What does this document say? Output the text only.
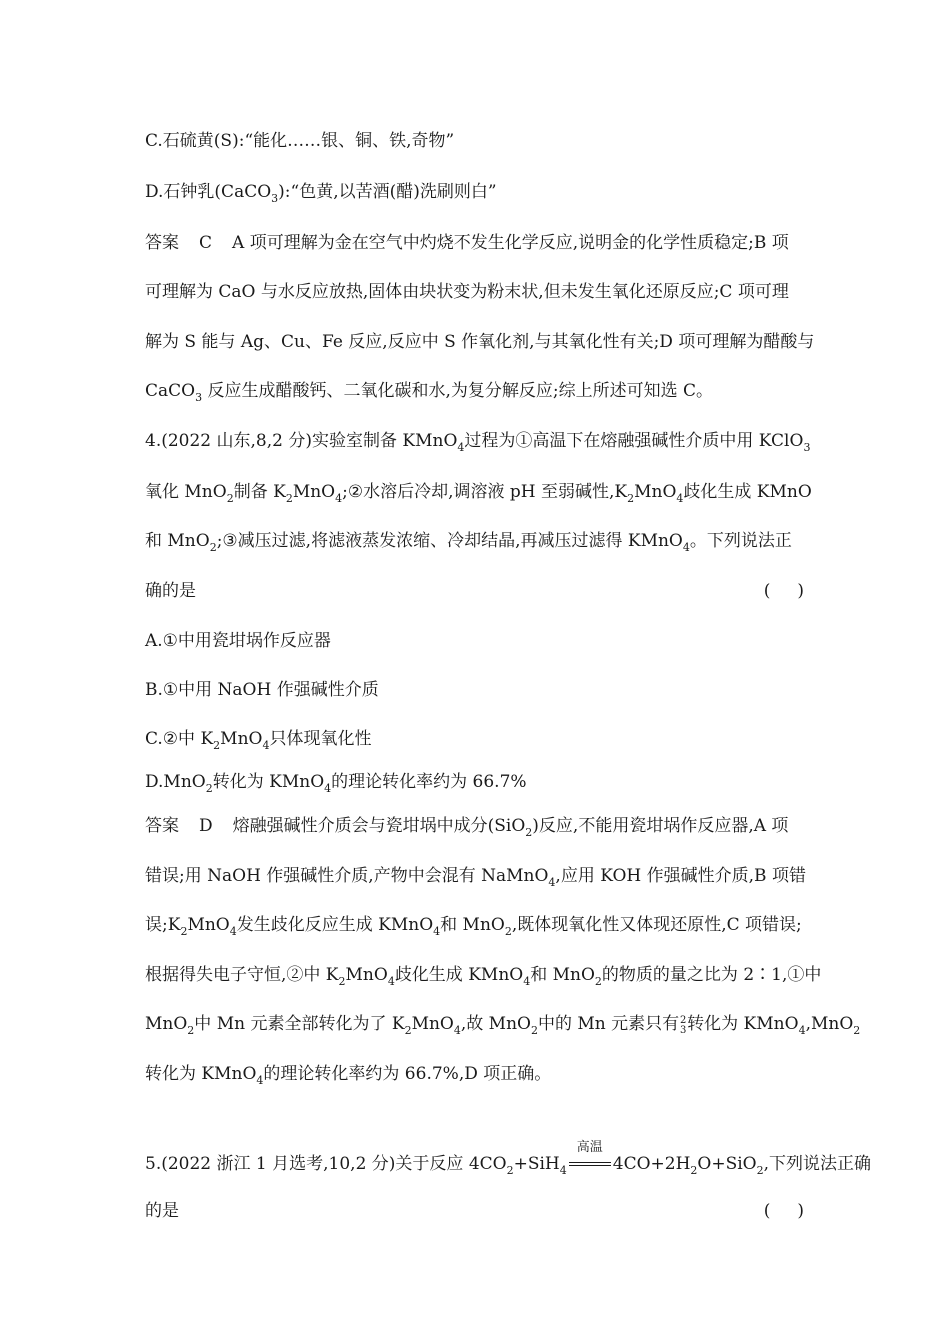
C.石硫黄(S):“能化……银、铜、铁,奇物”
D.石钟乳(CaCO$_3$):“色黄,以苦酒(醋)洗刷则白”
答案 C A 项可理解为金在空气中灼烧不发生化学反应,说明金的化学性质稳定;B 项
可理解为 CaO 与水反应放热,固体由块状变为粉末状,但未发生氧化还原反应;C 项可理
解为 S 能与 Ag、Cu、Fe 反应,反应中 S 作氧化剂,与其氧化性有关;D 项可理解为醋酸与
CaCO$_3$ 反应生成醋酸钙、二氧化碳和水,为复分解反应;综上所述可知选 C。
4.(2022 山东,8,2 分)实验室制备 KMnO$_4$过程为①高温下在熔融强碱性介质中用 KClO$_3$
氧化 MnO$_2$制备 $K_2MnO_4;②$水溶后冷却,调溶液 pH 至弱碱性$,K_2MnO_4$歧化生成 KMnO
和 MnO$_2$;③减压过滤,将滤液蒸发浓缩、冷却结晶,再减压过滤得 KMnO$_4$。下列说法正
确的是	(     )
A.①中用瓷坩埚作反应器
B.①中用 NaOH 作强碱性介质
C.②中 $K_2MnO_4$只体现氧化性
D.MnO$_2$转化为 KMnO$_4$的理论转化率约为 66.7%
答案 D 熔融强碱性介质会与瓷坩埚中成分(SiO$_2$)反应,不能用瓷坩埚作反应器,A 项
错误;用 NaOH 作强碱性介质,产物中会混有 NaMnO$_4$,应用 KOH 作强碱性介质,B 项错
误$;K_2MnO_4$发生歧化反应生成 KMnO$_4$和 MnO$_2$,既体现氧化性又体现还原性,C 项错误;
根据得失电子守恒,②中 $K_2MnO_4$歧化生成 KMnO$_4$和 MnO$_2$的物质的量之比为 2∶1,①中
MnO$_2$中 Mn 元素全部转化为了 $K_2MnO_4$,故 MnO$_2$中的 Mn 元素只有 2
3 转化为 KMnO$_4$,MnO$_2$
转化为 KMnO$_4$的理论转化率约为 66.7%,D 项正确。
5.(2022 浙江 1 月选考,10,2 分)关于反应 $4CO_2+SiH_4$
高温
$4CO+2H_2O+SiO_2$,下列说法正确
的是	(     )
